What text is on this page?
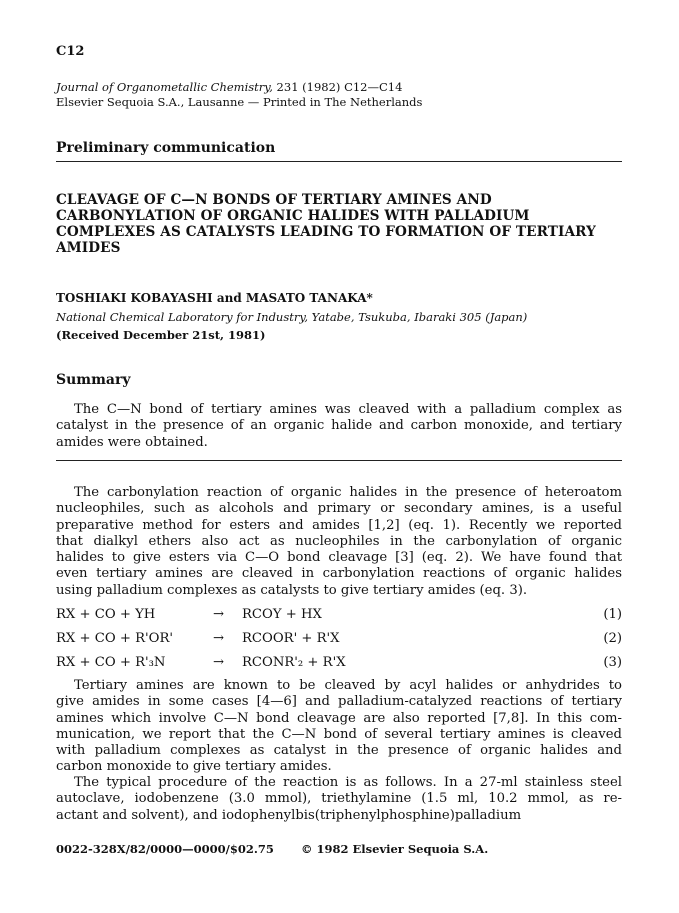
C12
Journal of Organometallic Chemistry, 231 (1982) C12—C14
Elsevier Sequoia S.A., Lausanne — Printed in The Netherlands
Preliminary communication
CLEAVAGE OF C—N BONDS OF TERTIARY AMINES AND
CARBONYLATION OF ORGANIC HALIDES WITH PALLADIUM
COMPLEXES AS CATALYSTS LEADING TO FORMATION OF TERTIARY
AMIDES
TOSHIAKI KOBAYASHI and MASATO TANAKA*
National Chemical Laboratory for Industry, Yatabe, Tsukuba, Ibaraki 305 (Japan)
(Received December 21st, 1981)
Summary
The C—N bond of tertiary amines was cleaved with a palladium complex as
catalyst in the presence of an organic halide and carbon monoxide, and tertiary
amides were obtained.
The carbonylation reaction of organic halides in the presence of heteroatom
nucleophiles, such as alcohols and primary or secondary amines, is a useful
preparative method for esters and amides [1,2] (eq. 1). Recently we reported
that dialkyl ethers also act as nucleophiles in the carbonylation of organic
halides to give esters via C—O bond cleavage [3] (eq. 2). We have found that
even tertiary amines are cleaved in carbonylation reactions of organic halides
using palladium complexes as catalysts to give tertiary amides (eq. 3).
RX + CO + YH	→ RCOY + HX	(1)
RX + CO + R'OR'	→ RCOOR' + R'X	(2)
RX + CO + R'₃N	→ RCONR'₂ + R'X	(3)
Tertiary amines are known to be cleaved by acyl halides or anhydrides to
give amides in some cases [4—6] and palladium-catalyzed reactions of tertiary
amines which involve C—N bond cleavage are also reported [7,8]. In this com-
munication, we report that the C—N bond of several tertiary amines is cleaved
with palladium complexes as catalyst in the presence of organic halides and
carbon monoxide to give tertiary amides.
The typical procedure of the reaction is as follows. In a 27-ml stainless steel
autoclave, iodobenzene (3.0 mmol), triethylamine (1.5 ml, 10.2 mmol, as re-
actant and solvent), and iodophenylbis(triphenylphosphine)palladium
0022-328X/82/0000—0000/$02.75 © 1982 Elsevier Sequoia S.A.
